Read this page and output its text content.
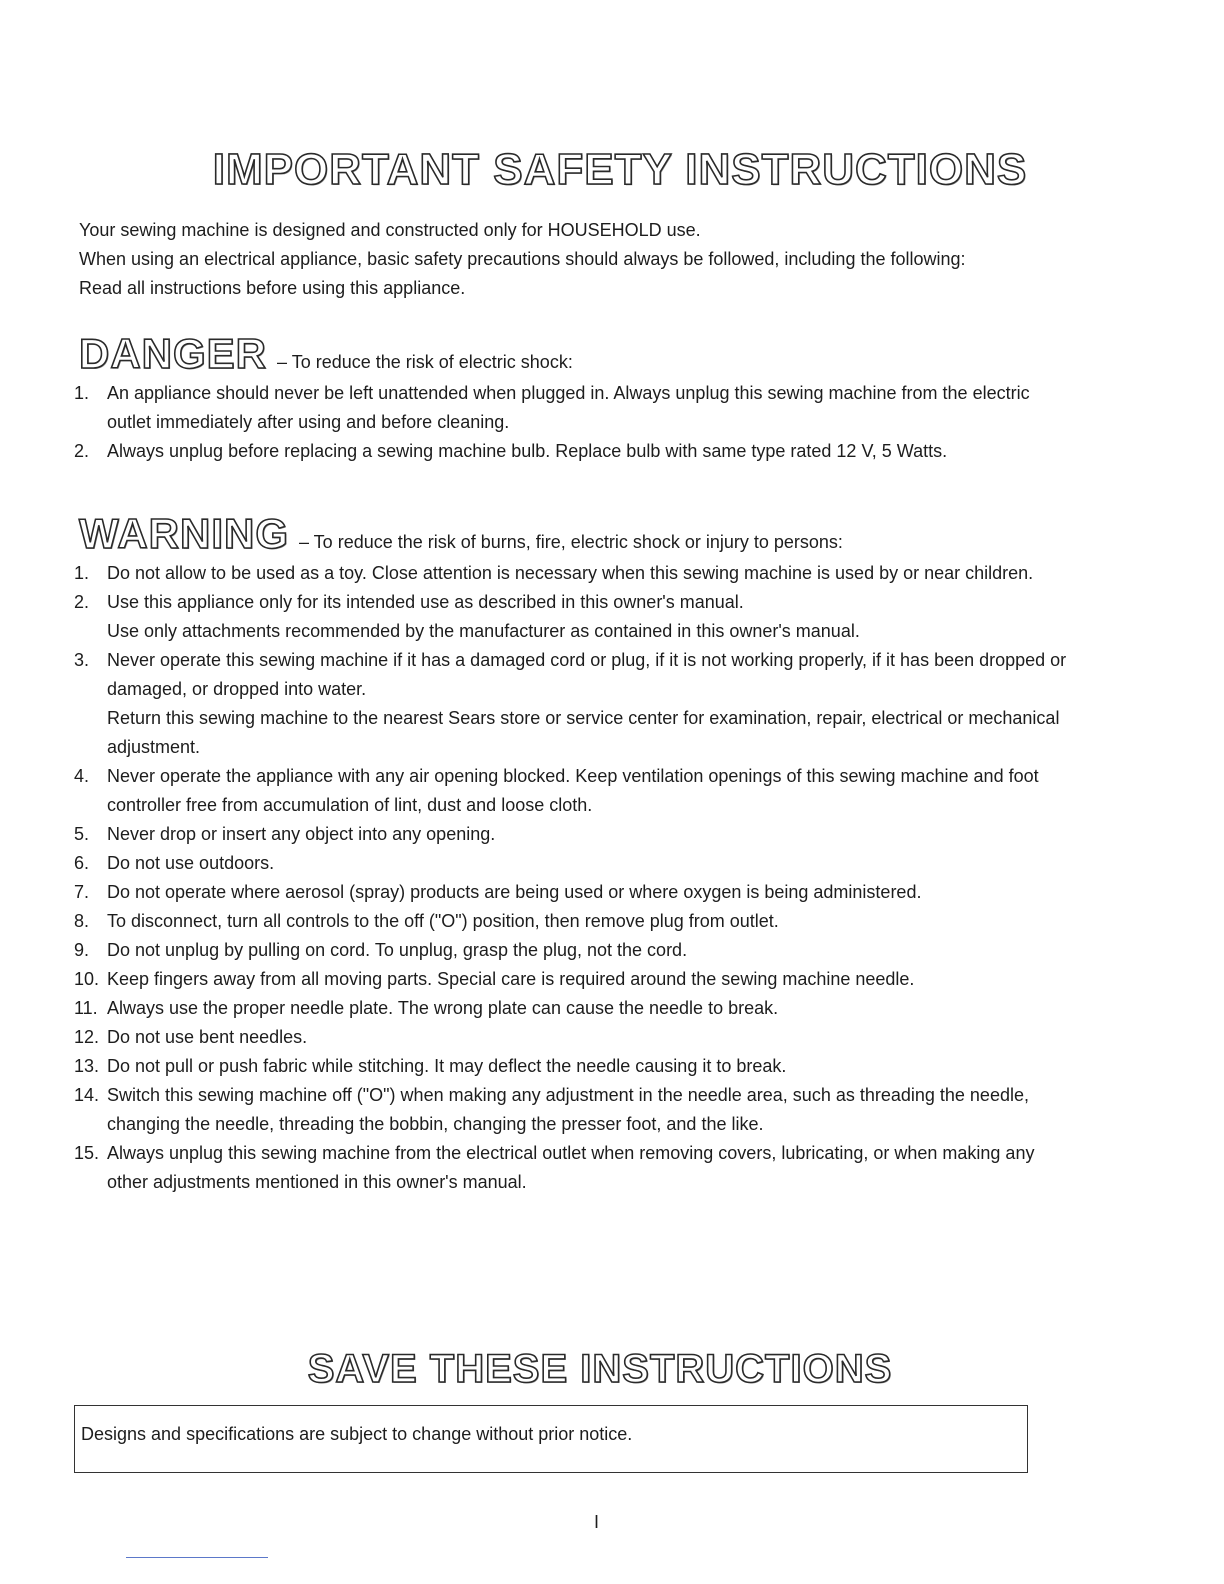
IMPORTANT SAFETY INSTRUCTIONS

Your sewing machine is designed and constructed only for HOUSEHOLD use.

When using an electrical appliance, basic safety precautions should always be followed, including the following:

Read all instructions before using this appliance.

DANGER – To reduce the risk of electric shock:
1. An appliance should never be left unattended when plugged in. Always unplug this sewing machine from the electric
outlet immediately after using and before cleaning.
2. Always unplug before replacing a sewing machine bulb. Replace bulb with same type rated 12 V, 5 Watts.
WARNING – To reduce the risk of burns, fire, electric shock or injury to persons:
1. Do not allow to be used as a toy. Close attention is necessary when this sewing machine is used by or near children.
2. Use this appliance only for its intended use as described in this owner's manual.
Use only attachments recommended by the manufacturer as contained in this owner's manual.
3. Never operate this sewing machine if it has a damaged cord or plug, if it is not working properly, if it has been dropped or
damaged, or dropped into water.
Return this sewing machine to the nearest Sears store or service center for examination, repair, electrical or mechanical
adjustment.
4. Never operate the appliance with any air opening blocked. Keep ventilation openings of this sewing machine and foot
controller free from accumulation of lint, dust and loose cloth.
5. Never drop or insert any object into any opening.
6. Do not use outdoors.
7. Do not operate where aerosol (spray) products are being used or where oxygen is being administered.
8. To disconnect, turn all controls to the off ("O") position, then remove plug from outlet.
9. Do not unplug by pulling on cord. To unplug, grasp the plug, not the cord.
10. Keep fingers away from all moving parts. Special care is required around the sewing machine needle.
11. Always use the proper needle plate. The wrong plate can cause the needle to break.
12. Do not use bent needles.
13. Do not pull or push fabric while stitching. It may deflect the needle causing it to break.
14. Switch this sewing machine off ("O") when making any adjustment in the needle area, such as threading the needle,
changing the needle, threading the bobbin, changing the presser foot, and the like.
15. Always unplug this sewing machine from the electrical outlet when removing covers, lubricating, or when making any
other adjustments mentioned in this owner's manual.
SAVE THESE INSTRUCTIONS
Designs and specifications are subject to change without prior notice.
I
